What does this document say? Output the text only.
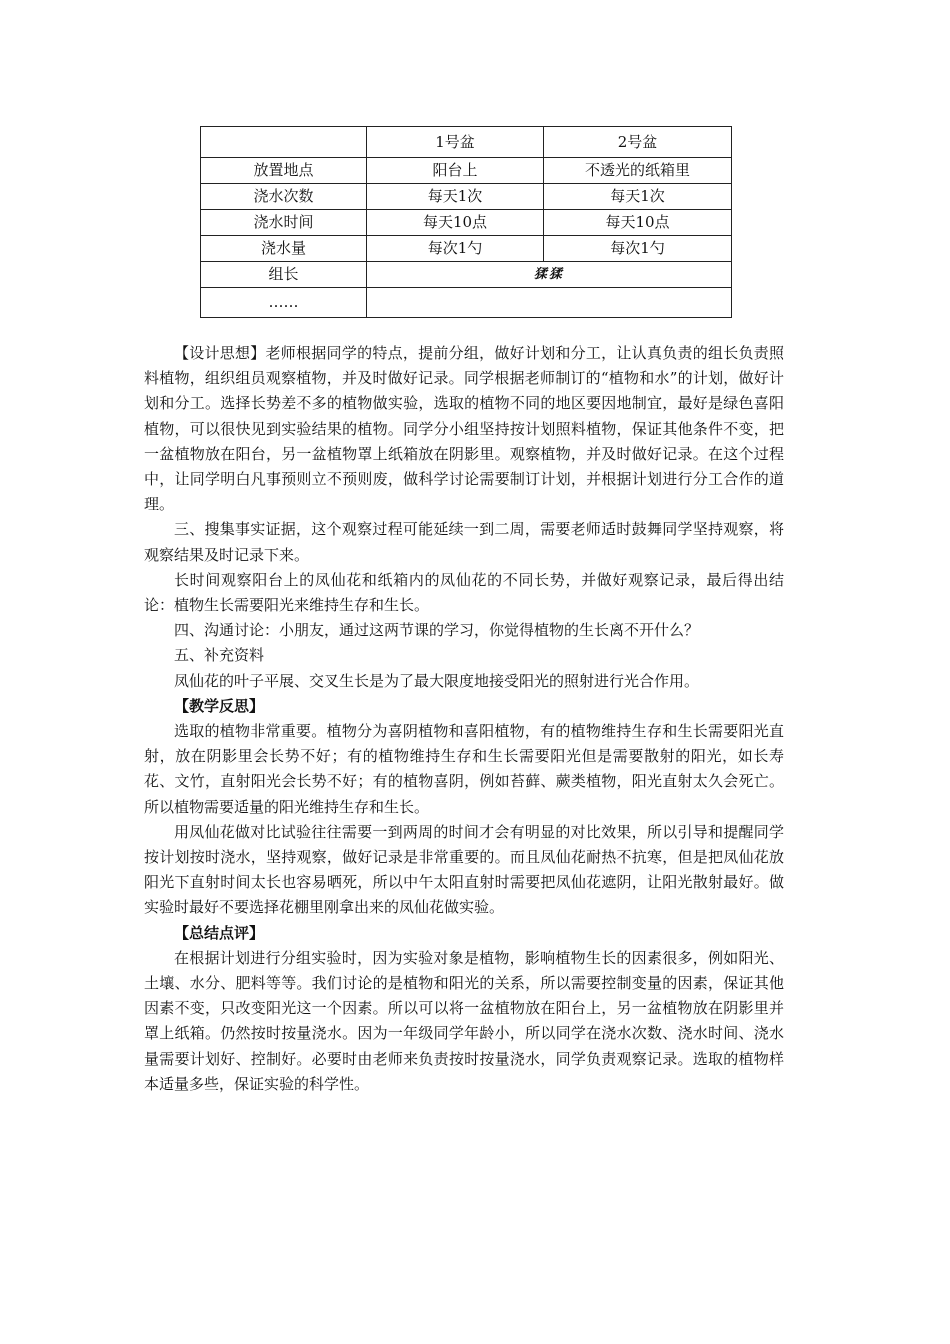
	1号盆	2号盆
放置地点	阳台上	不透光的纸箱里
浇水次数	每天1次	每天1次
浇水时间	每天10点	每天10点
浇水量	每次1勺	每次1勺
组长	猱猱	
……		

【设计思想】老师根据同学的特点，提前分组，做好计划和分工，让认真负责的组长负责照料植物，组织组员观察植物，并及时做好记录。同学根据老师制订的“植物和水”的计划，做好计划和分工。选择长势差不多的植物做实验，选取的植物不同的地区要因地制宜，最好是绿色喜阳植物，可以很快见到实验结果的植物。同学分小组坚持按计划照料植物，保证其他条件不变，把一盆植物放在阳台，另一盆植物罩上纸箱放在阴影里。观察植物，并及时做好记录。在这个过程中，让同学明白凡事预则立不预则废，做科学讨论需要制订计划，并根据计划进行分工合作的道理。

三、搜集事实证据，这个观察过程可能延续一到二周，需要老师适时鼓舞同学坚持观察，将观察结果及时记录下来。

长时间观察阳台上的凤仙花和纸箱内的凤仙花的不同长势，并做好观察记录，最后得出结论：植物生长需要阳光来维持生存和生长。

四、沟通讨论：小朋友，通过这两节课的学习，你觉得植物的生长离不开什么？

五、补充资料

凤仙花的叶子平展、交叉生长是为了最大限度地接受阳光的照射进行光合作用。

【教学反思】

选取的植物非常重要。植物分为喜阴植物和喜阳植物，有的植物维持生存和生长需要阳光直射，放在阴影里会长势不好；有的植物维持生存和生长需要阳光但是需要散射的阳光，如长寿花、文竹，直射阳光会长势不好；有的植物喜阴，例如苔藓、蕨类植物，阳光直射太久会死亡。所以植物需要适量的阳光维持生存和生长。

用凤仙花做对比试验往往需要一到两周的时间才会有明显的对比效果，所以引导和提醒同学按计划按时浇水，坚持观察，做好记录是非常重要的。而且凤仙花耐热不抗寒，但是把凤仙花放阳光下直射时间太长也容易晒死，所以中午太阳直射时需要把凤仙花遮阴，让阳光散射最好。做实验时最好不要选择花棚里刚拿出来的凤仙花做实验。

【总结点评】

在根据计划进行分组实验时，因为实验对象是植物，影响植物生长的因素很多，例如阳光、土壤、水分、肥料等等。我们讨论的是植物和阳光的关系，所以需要控制变量的因素，保证其他因素不变，只改变阳光这一个因素。所以可以将一盆植物放在阳台上，另一盆植物放在阴影里并罩上纸箱。仍然按时按量浇水。因为一年级同学年龄小，所以同学在浇水次数、浇水时间、浇水量需要计划好、控制好。必要时由老师来负责按时按量浇水，同学负责观察记录。选取的植物样本适量多些，保证实验的科学性。
